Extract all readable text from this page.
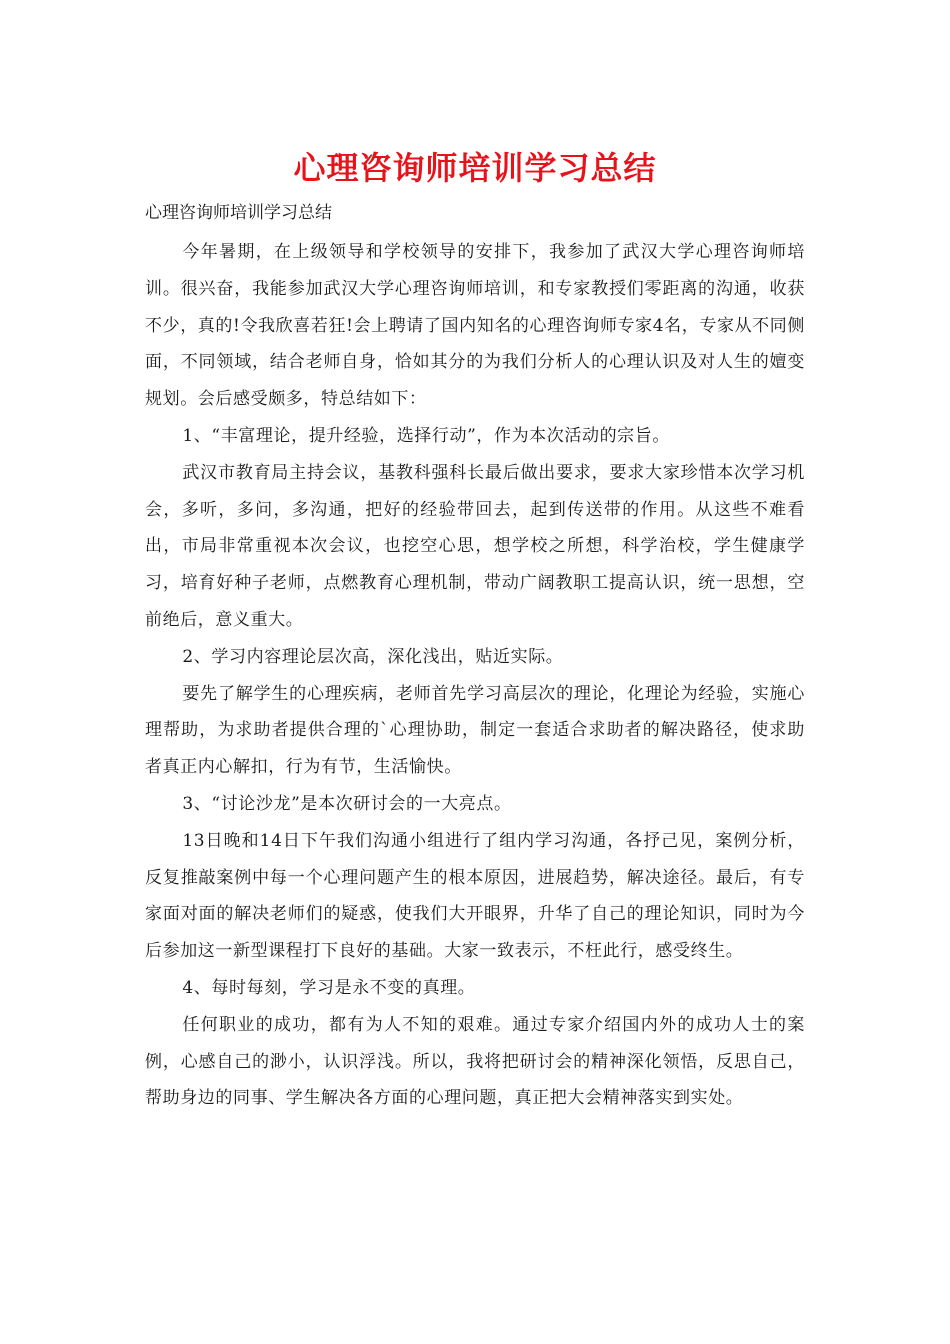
心理咨询师培训学习总结

心理咨询师培训学习总结

今年暑期，在上级领导和学校领导的安排下，我参加了武汉大学心理咨询师培训。很兴奋，我能参加武汉大学心理咨询师培训，和专家教授们零距离的沟通，收获不少，真的!令我欣喜若狂!会上聘请了国内知名的心理咨询师专家4名，专家从不同侧面，不同领域，结合老师自身，恰如其分的为我们分析人的心理认识及对人生的嬗变规划。会后感受颇多，特总结如下：

1、“丰富理论，提升经验，选择行动”，作为本次活动的宗旨。

武汉市教育局主持会议，基教科强科长最后做出要求，要求大家珍惜本次学习机会，多听，多问，多沟通，把好的经验带回去，起到传送带的作用。从这些不难看出，市局非常重视本次会议，也挖空心思，想学校之所想，科学治校，学生健康学习，培育好种子老师，点燃教育心理机制，带动广阔教职工提高认识，统一思想，空前绝后，意义重大。

2、学习内容理论层次高，深化浅出，贴近实际。

要先了解学生的心理疾病，老师首先学习高层次的理论，化理论为经验，实施心理帮助，为求助者提供合理的`心理协助，制定一套适合求助者的解决路径，使求助者真正内心解扣，行为有节，生活愉快。

3、“讨论沙龙”是本次研讨会的一大亮点。

13日晚和14日下午我们沟通小组进行了组内学习沟通，各抒己见，案例分析，反复推敲案例中每一个心理问题产生的根本原因，进展趋势，解决途径。最后，有专家面对面的解决老师们的疑惑，使我们大开眼界，升华了自己的理论知识，同时为今后参加这一新型课程打下良好的基础。大家一致表示，不枉此行，感受终生。

4、每时每刻，学习是永不变的真理。

任何职业的成功，都有为人不知的艰难。通过专家介绍国内外的成功人士的案例，心感自己的渺小，认识浮浅。所以，我将把研讨会的精神深化领悟，反思自己，帮助身边的同事、学生解决各方面的心理问题，真正把大会精神落实到实处。
